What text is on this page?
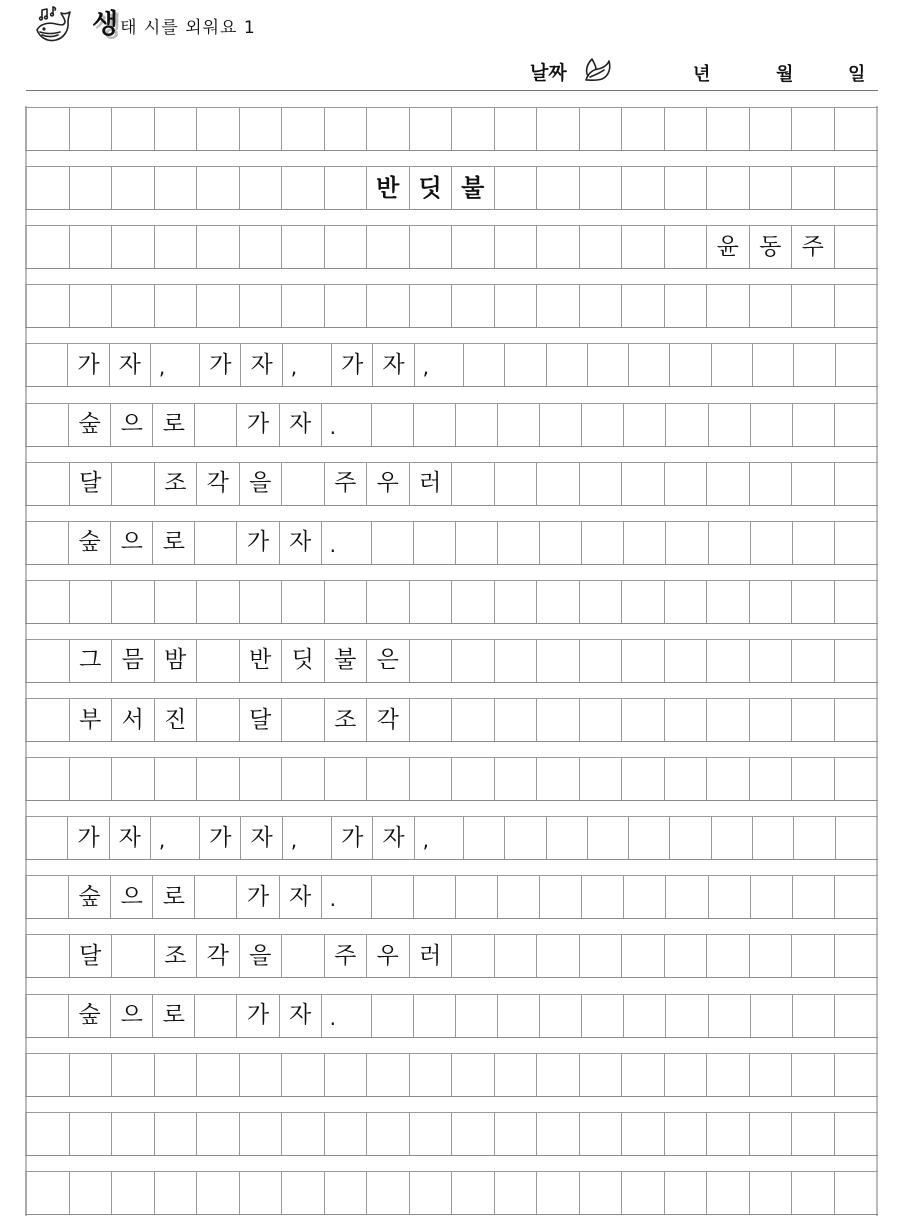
생 태 시를 외워요 1
날짜	년	월	일
반 딧 불
윤 동 주
가 자 ,	가 자 ,	가 자 ,
숲 으 로	가 자 .
달	조 각 을	주 우 러
숲 으 로	가 자 .
그 믐 밤	반 딧 불 은
부 서 진	달	조 각
가 자 ,	가 자 ,	가 자 ,
숲 으 로	가 자 .
달	조 각 을	주 우 러
숲 으 로	가 자 .
